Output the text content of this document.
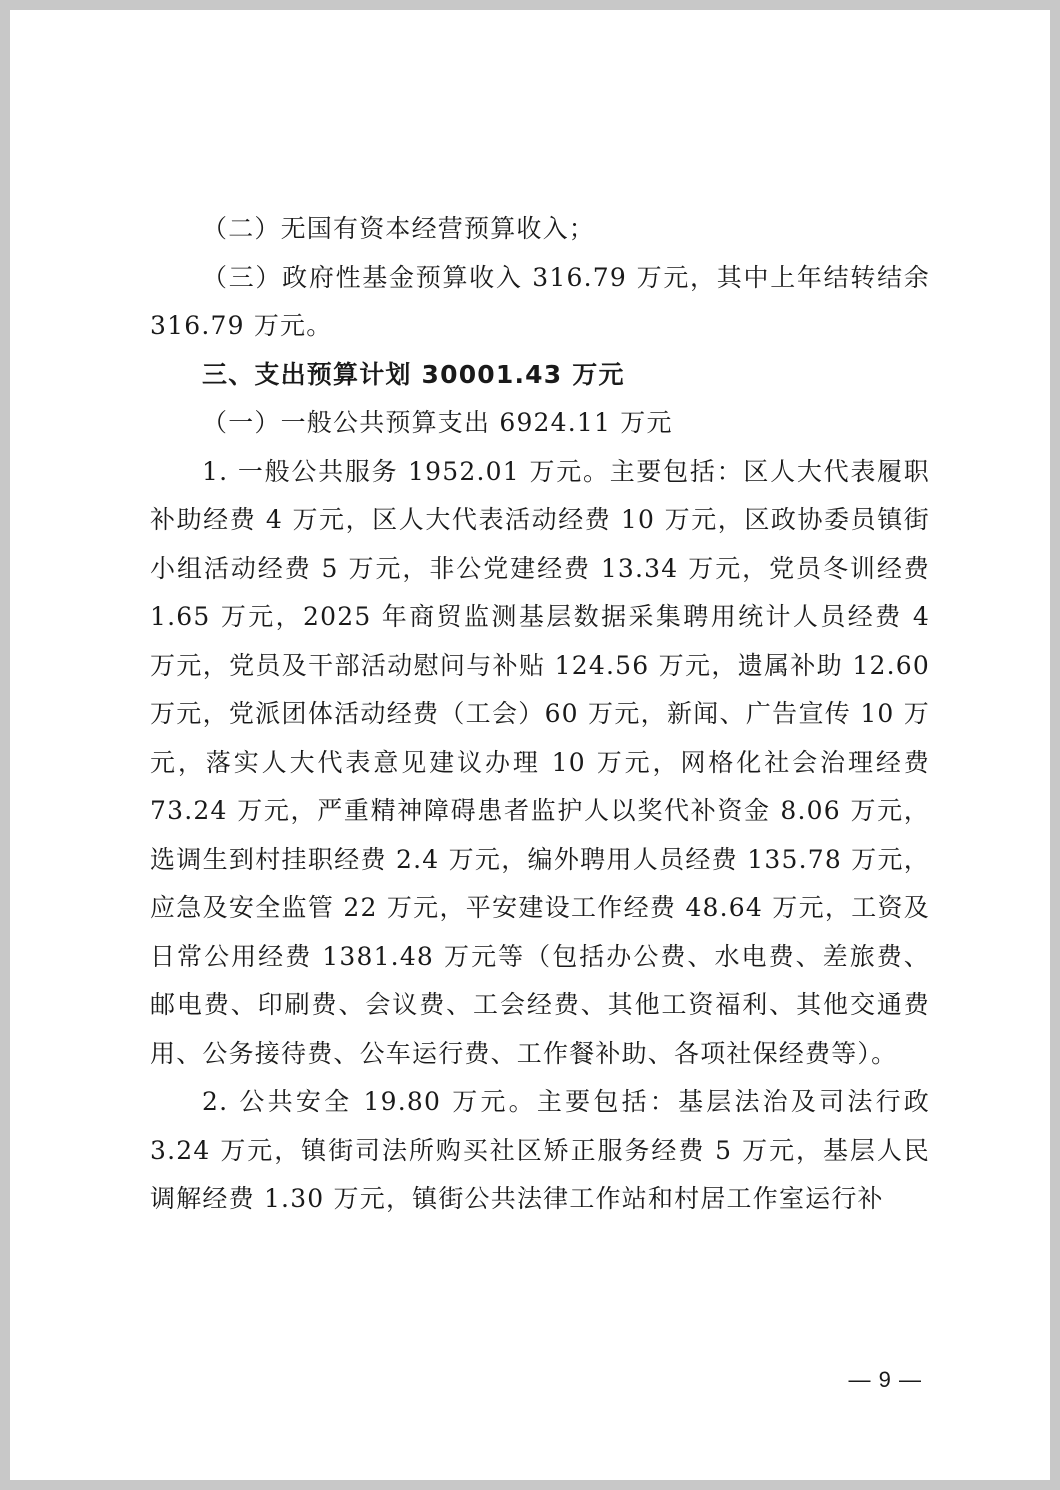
（二）无国有资本经营预算收入；

（三）政府性基金预算收入 316.79 万元，其中上年结转结余 316.79 万元。

三、支出预算计划 30001.43 万元

（一）一般公共预算支出 6924.11 万元

1. 一般公共服务 1952.01 万元。主要包括：区人大代表履职补助经费 4 万元，区人大代表活动经费 10 万元，区政协委员镇街小组活动经费 5 万元，非公党建经费 13.34 万元，党员冬训经费 1.65 万元，2025 年商贸监测基层数据采集聘用统计人员经费 4 万元，党员及干部活动慰问与补贴 124.56 万元，遗属补助 12.60 万元，党派团体活动经费（工会）60 万元，新闻、广告宣传 10 万元，落实人大代表意见建议办理 10 万元，网格化社会治理经费 73.24 万元，严重精神障碍患者监护人以奖代补资金 8.06 万元，选调生到村挂职经费 2.4 万元，编外聘用人员经费 135.78 万元，应急及安全监管 22 万元，平安建设工作经费 48.64 万元，工资及日常公用经费 1381.48 万元等（包括办公费、水电费、差旅费、邮电费、印刷费、会议费、工会经费、其他工资福利、其他交通费用、公务接待费、公车运行费、工作餐补助、各项社保经费等）。

2. 公共安全 19.80 万元。主要包括：基层法治及司法行政 3.24 万元，镇街司法所购买社区矫正服务经费 5 万元，基层人民调解经费 1.30 万元，镇街公共法律工作站和村居工作室运行补

— 9 —
